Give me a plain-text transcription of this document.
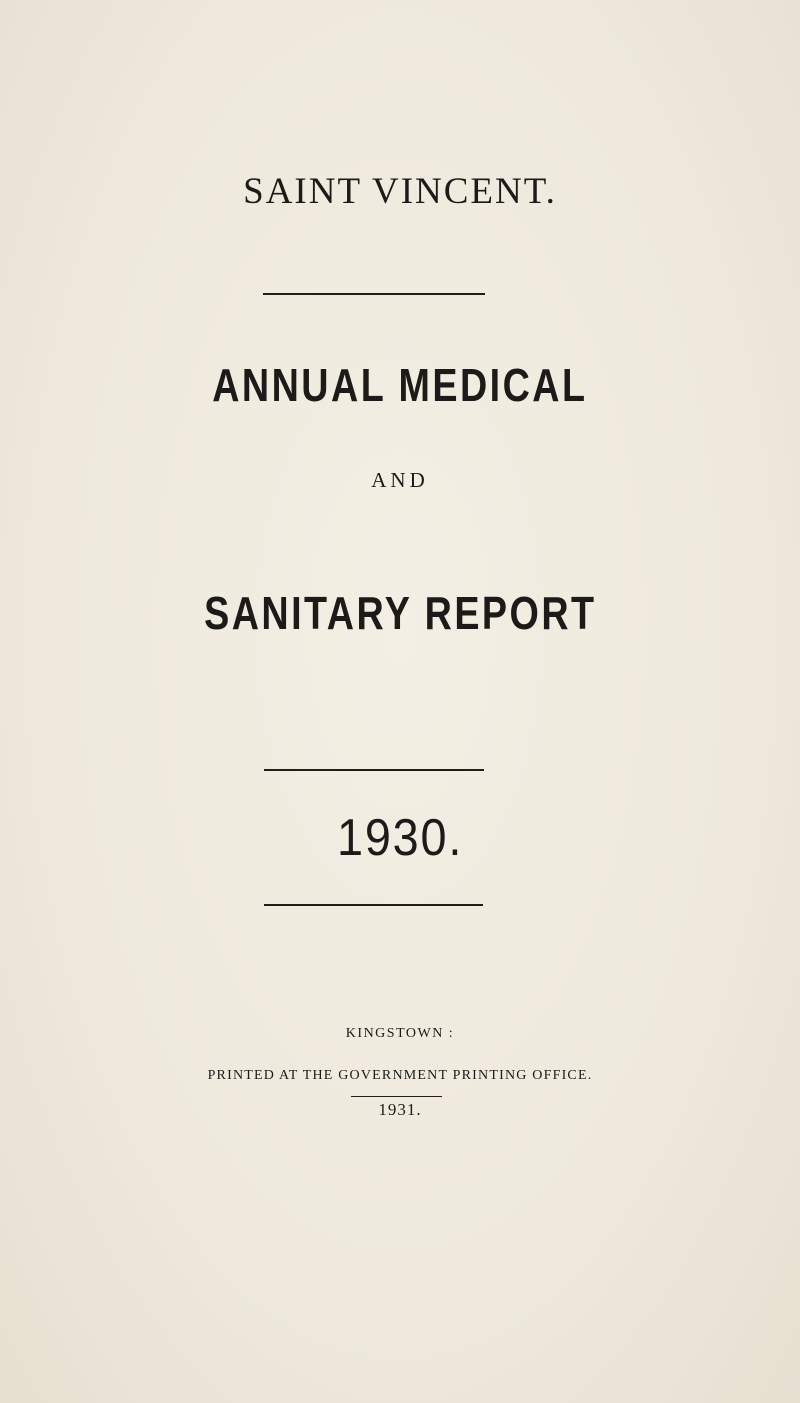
SAINT VINCENT.
ANNUAL MEDICAL
AND
SANITARY REPORT
1930.
KINGSTOWN :
PRINTED AT THE GOVERNMENT PRINTING OFFICE.
1931.
